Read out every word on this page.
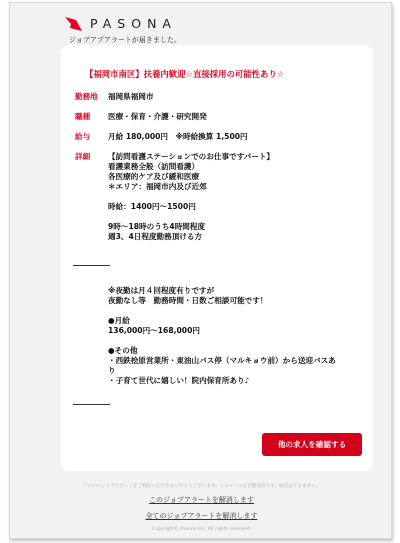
PASONA
ジョブアプアラートが届きました。
【福岡市南区】扶養内歓迎☆直接採用の可能性あり☆
勤務地 福岡県福岡市
職種	医療・保育・介護・研究開発
給与	月給 180,000円　※時給換算 1,500円
詳細	【訪問看護ステーションでのお仕事ですパート】
看護業務全般（訪問看護）
各医療的ケア及び緩和医療
＊エリア：福岡市内及び近郊
時給：1400円～1500円
9時～18時のうち4時間程度
週3、4日程度勤務頂ける方
※夜勤は月４回程度有りですが
夜勤なし等　勤務時間・日数ご相談可能です！
●月給
136,000円～168,000円
●その他
・西鉄桧原営業所・東油山バス停（マルキョウ前）から送迎バスあ
り
・子育て世代に嬉しい！院内保育所あり♪
他の求人を確認する
パソナのジョブアラートをご利用いただきありがとうございます。このメールは自動送信です。返信はできません。
このジョブアラートを解消します
全てのジョブアラートを解消します
Copyright© Pasona Inc. All rights reserved.
